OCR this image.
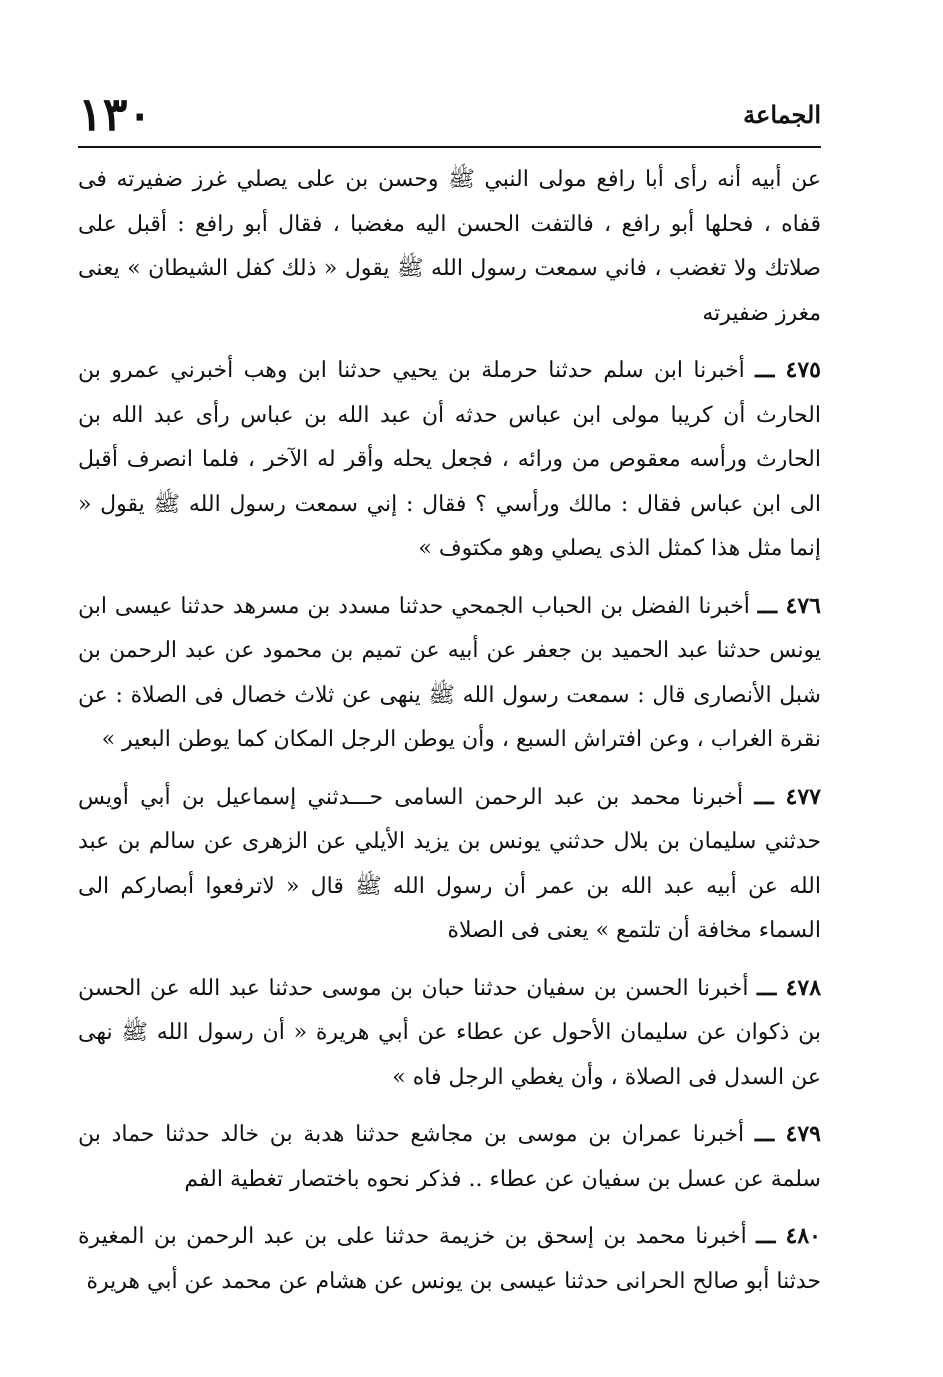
١٣٠	الجماعة

عن أبيه أنه رأى أبا رافع مولى النبي ﷺ وحسن بن على يصلي غرز ضفيرته فى قفاه ، فحلها أبو رافع ، فالتفت الحسن اليه مغضبا ، فقال أبو رافع : أقبل على صلاتك ولا تغضب ، فاني سمعت رسول الله ﷺ يقول « ذلك كفل الشيطان » يعنى مغرز ضفيرته

٤٧٥ ـــ أخبرنا ابن سلم حدثنا حرملة بن يحيي حدثنا ابن وهب أخبرني عمرو بن الحارث أن كريبا مولى ابن عباس حدثه أن عبد الله بن عباس رأى عبد الله بن الحارث ورأسه معقوص من ورائه ، فجعل يحله وأقر له الآخر ، فلما انصرف أقبل الى ابن عباس فقال : مالك ورأسي ؟ فقال : إني سمعت رسول الله ﷺ يقول « إنما مثل هذا كمثل الذى يصلي وهو مكتوف »

٤٧٦ ـــ أخبرنا الفضل بن الحباب الجمحي حدثنا مسدد بن مسرهد حدثنا عيسى ابن يونس حدثنا عبد الحميد بن جعفر عن أبيه عن تميم بن محمود عن عبد الرحمن بن شبل الأنصارى قال : سمعت رسول الله ﷺ ينهى عن ثلاث خصال فى الصلاة : عن نقرة الغراب ، وعن افتراش السبع ، وأن يوطن الرجل المكان كما يوطن البعير »

٤٧٧ ـــ أخبرنا محمد بن عبد الرحمن السامى حـــدثني إسماعيل بن أبي أويس حدثني سليمان بن بلال حدثني يونس بن يزيد الأيلي عن الزهرى عن سالم بن عبد الله عن أبيه عبد الله بن عمر أن رسول الله ﷺ قال « لاترفعوا أبصاركم الى السماء مخافة أن تلتمع » يعنى فى الصلاة

٤٧٨ ـــ أخبرنا الحسن بن سفيان حدثنا حبان بن موسى حدثنا عبد الله عن الحسن بن ذكوان عن سليمان الأحول عن عطاء عن أبي هريرة « أن رسول الله ﷺ نهى عن السدل فى الصلاة ، وأن يغطي الرجل فاه »

٤٧٩ ـــ أخبرنا عمران بن موسى بن مجاشع حدثنا هدبة بن خالد حدثنا حماد بن سلمة عن عسل بن سفيان عن عطاء .. فذكر نحوه باختصار تغطية الفم

٤٨٠ ـــ أخبرنا محمد بن إسحق بن خزيمة حدثنا على بن عبد الرحمن بن المغيرة حدثنا أبو صالح الحرانى حدثنا عيسى بن يونس عن هشام عن محمد عن أبي هريرة
